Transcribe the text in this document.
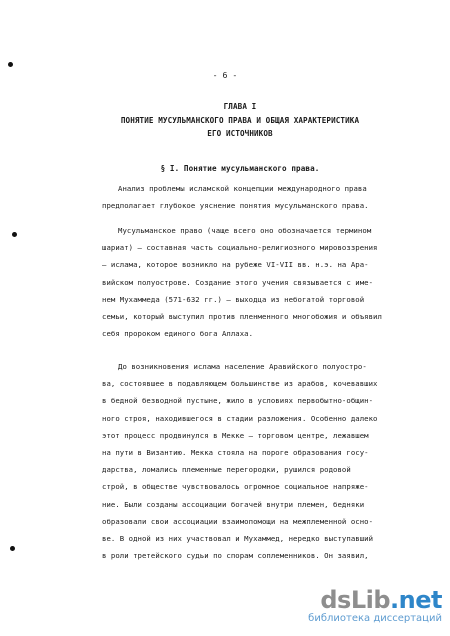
- 6 -
ГЛАВА I
ПОНЯТИЕ МУСУЛЬМАНСКОГО ПРАВА И ОБЩАЯ ХАРАКТЕРИСТИКА
ЕГО ИСТОЧНИКОВ
§ I. Понятие мусульманского права.
Анализ проблемы исламской концепции международного права
предполагает глубокое уяснение понятия мусульманского права.
Мусульманское право (чаще всего оно обозначается термином
шариат) – составная часть социально-религиозного мировоззрения
– ислама, которое возникло на рубеже VI-VII вв. н.э. на Ара-
вийском полуострове. Создание этого учения связывается с име-
нем Мухаммеда (571-632 гг.) – выходца из небогатой торговой
семьи, который выступил против пленменного многобожия и объявил
себя пророком единого бога Аллаха.
До возникновения ислама население Аравийского полуостро-
ва, состоявшее в подавляющем большинстве из арабов, кочевавших
в бедной безводной пустыне, жило в условиях первобытно-общин-
ного строя, находившегося в стадии разложения. Особенно далеко
этот процесс продвинулся в Мекке – торговом центре, лежавшем
на пути в Византию. Мекка стояла на пороге образования госу-
дарства, ломались племенные перегородки, рушился родовой
строй, в обществе чувствовалось огромное социальное напряже-
ние. Были созданы ассоциации богачей внутри племен, бедняки
образовали свои ассоциации взаимопомощи на межплеменной осно-
ве. В одной из них участвовал и Мухаммед, нередко выступавший
в роли третейского судьи по спорам соплеменников. Он заявил,
dsLib.net
библиотека диссертаций
